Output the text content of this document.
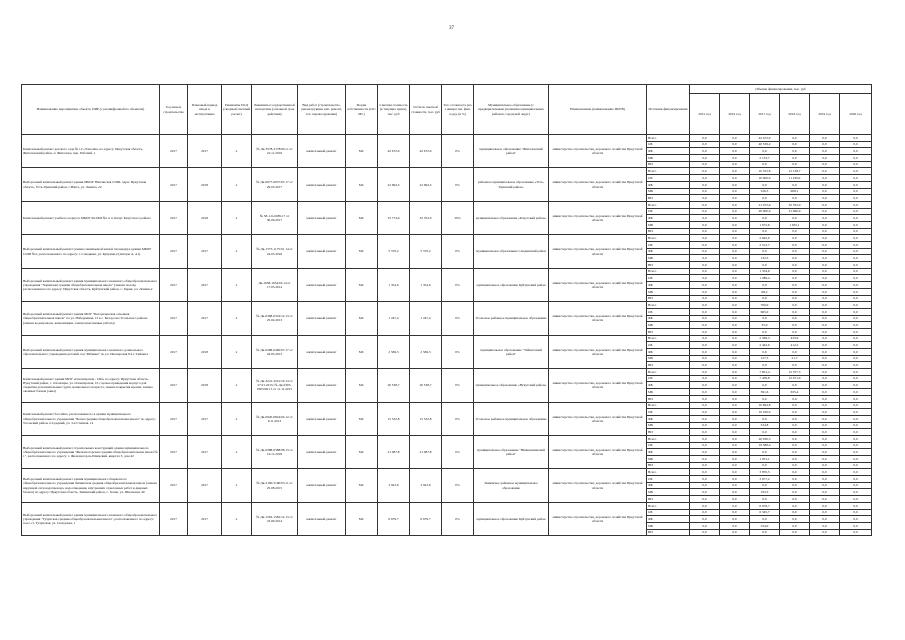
37
Наименование мероприятия, объекта, ПИР (с расшифровкой по объектам)	Год начала строительства	Плановый период ввода в эксплуатацию	Реквизиты ПСД (сводный сметный расчет)	Реквизиты государственной экспертизы (основной срок действия)	Вид работ (строительство, реконструкция, кап. ремонт, тех. перевооружение)	Форма собственности (ОС/МС)	Сметная стоимость (в текущих ценах), тыс. руб	Остаток сметной стоимости, тыс. руб	Тех. готовность (на 1 января тек. фин. года), (в %)	Муниципальное образование (с предварительным указанием муниципальных районов, городской округ)	Наименование (наименование ИОГВ)	Источник финансирования	Объемы финансирования, тыс. руб					
													2015 год	2016 год	2017 год	2018 год	2019 год	2020 год
Капитальный ремонт детского сада № 12 «Тополёк» по адресу: Иркутская область, Жигаловский район, п. Жигалово, пер. Рабочий, 1	2017	2017	х	№ Дк-3578-3178/09 от от 22.11.2016	капитальный ремонт	МС	42 672,9	42 672,9	0%	муниципальное образование "Жигаловский район"	министерство строительства, дорожного хозяйства Иркутской области	Всего	0,0	0,0	42 672,9	0,0	0,0	0,0
												ОБ	0,0	0,0	40 539,2	0,0	0,0	0,0
												ФБ	0,0	0,0	0,0	0,0	0,0	0,0
												МБ	0,0	0,0	2 133,7	0,0	0,0	0,0
												ВИ	0,0	0,0	0,0	0,0	0,0	0,0
Выборочный капитальный ремонт здания МКОУ Юнгинская СОШ, адрес Иркутская область, Усть-Удинский район, с.Юнга, ул. Ленина, 22	2017	2018	х	№ Дк-0677-0037/03 17 от 29.03.2017	капитальный ремонт	МС	22 694,5	22 694,5	0%	районное муниципальное образование «Усть-Удинский район»	министерство строительства, дорожного хозяйства Иркутской области	Всего	0,0	0,0	10 555,8	12 138,7	0,0	0,0
												ОБ	0,0	0,0	10 000,0	11 230,0	0,0	0,0
												ФБ	0,0	0,0	0,0	0,0	0,0	0,0
												МБ	0,0	0,0	526,3	908,1	0,0	0,0
												ВИ	0,0	0,0	0,0	0,0	0,0	0,0
Капитальный ремонт учебного корпуса МКОУ КСОШ №1 в п. Качуг Качугского района	2017	2018	х	№ 38-1-6-0188-17 от 30.06.2017	капитальный ремонт	МС	53 774,6	32 702,0	39%	муниципальное образование «Качугский район»	министерство строительства, дорожного хозяйства Иркутской области	Всего	0,0	0,0	21 072,6	32 702,0	0,0	0,0
												ОБ	0,0	0,0	20 000,0	31 066,9	0,0	0,0
												ФБ	0,0	0,0	0,0	0,0	0,0	0,0
												МБ	0,0	0,0	1 072,6	1 635,1	0,0	0,0
												ВИ	0,0	0,0	0,0	0,0	0,0	0,0
Выборочный капитальный ремонт (замена занимаемой жилой площади) в здании МБОУ СОШ №2, расположенного по адресу: г. Слюдянка, ул. Куприна,2 (литеры А, А1)	2017	2017	х	№ Дк-1575-1175/01 14 от 24.05.2016	капитальный ремонт	МС	5 570,2	5 570,2	0%	муниципальное образование Слюдянский район	министерство строительства, дорожного хозяйства Иркутской области	Всего	0,0	0,0	2 645,0	0,0	0,0	0,0
												ОБ	0,0	0,0	2 512,7	0,0	0,0	0,0
												ФБ	0,0	0,0	0,0	0,0	0,0	0,0
												МБ	0,0	0,0	132,3	0,0	0,0	0,0
												ВИ	0,0	0,0	0,0	0,0	0,0	0,0
Выборочный капитальный ремонт здания муниципального казенного общеобразовательного учреждения "Харикская средняя общеобразовательная школа" (замена полов), расположенного по адресу: Иркутская область, Куйтунский район, с. Харик, ул. Ленина,2	2017	2017	х	Дк-1638-1634/02.14 от 17.03.2014	капитальный ремонт	МС	1 354,6	1 354,6	0%	муниципальное образование Куйтунский район	министерство строительства, дорожного хозяйства Иркутской области	Всего	0,0	0,0	1 354,6	0,0	0,0	0,0
												ОБ	0,0	0,0	1 286,4	0,0	0,0	0,0
												ФБ	0,0	0,0	0,0	0,0	0,0	0,0
												МБ	0,0	0,0	68,2	0,0	0,0	0,0
												ВИ	0,0	0,0	0,0	0,0	0,0	0,0
Выборочный капитальный ремонт здания МОУ "Белореченская основная общеобразовательная школа" по ул. Набережная, 13 в с. Белоусово Усольского района (замена водопровода, канализации, электромонтажные работы)	2017	2017	х	№ Дк-0368-0319/12.13 от 25.02.2013	капитальный ремонт	МС	1 247,4	1 247,4	0%	Усольское районное муниципальное образование	министерство строительства, дорожного хозяйства Иркутской области	Всего	0,0	0,0	700,0	0,0	0,0	0,0
												ОБ	0,0	0,0	665,0	0,0	0,0	0,0
												ФБ	0,0	0,0	0,0	0,0	0,0	0,0
												МБ	0,0	0,0	35,0	0,0	0,0	0,0
												ВИ	0,0	0,0	0,0	0,0	0,0	0,0
Выборочный капитальный ремонт здания муниципального казенного дошкольного образовательного учреждения детский сад "Рябинка" по ул. Пионерская 8 в г. Тайшете	2017	2018	х	№ Дк-0468-0400/07.17 от 24.05.2013	капитальный ремонт	МС	2 569,3	2 569,3	0%	муниципальное образование "Тайшетский район"	министерство строительства, дорожного хозяйства Иркутской области	Всего	0,0	0,0	2 569,3	433,9	0,0	0,0
												ОБ	0,0	0,0	2 442,0	412,2	0,0	0,0
												ФБ	0,0	0,0	0,0	0,0	0,0	0,0
												МБ	0,0	0,0	127,3	21,7	0,0	0,0
												ВИ	0,0	0,0	0,0	0,0	0,0	0,0
Капитальный ремонт здания МОУ «Олонгирская - СШ» по адресу: Иркутская область, Нукутский район, с. Олонгиры, ул. Олонгирская, 10 с целью приведения корпуса для открытия дополнительных групп дошкольного возраста, замена покрытия кровли, замена оконных блоков (окна)	2017	2018	х	№ Дк-3241-3241/19.14 от 27.01.2015; № Дк-0305-0305/06.15 от 11.11.2015	капитальный ремонт	МС	20 538,7	20 538,7	0%	муниципальное образование «Нукутский район»	министерство строительства, дорожного хозяйства Иркутской области	Всего	0,0	0,0	7 831,4	12 707,3	0,0	0,0
												ОБ	0,0	0,0	7 439,8	12 071,9	0,0	0,0
												ФБ	0,0	0,0	0,0	0,0	0,0	0,0
												МБ	0,0	0,0	391,6	635,4	0,0	0,0
												ВИ	0,0	0,0	0,0	0,0	0,0	0,0
Капитальный ремонт бассейна, расположенного в здании муниципального общеобразовательного учреждения "Белая средняя общеобразовательная школа" по адресу: Усольский район, п.Средний, ул. 3-я Степная, 14	2017	2017	х	№ Дк-0920-0824/04.12 от 6.11.2013	капитальный ремонт	МС	15 522,8	15 522,8	0%	Усольское районное муниципальное образование	министерство строительства, дорожного хозяйства Иркутской области	Всего	0,0	0,0	10 694,8	0,0	0,0	0,0
												ОБ	0,0	0,0	10 160,0	0,0	0,0	0,0
												ФБ	0,0	0,0	0,0	0,0	0,0	0,0
												МБ	0,0	0,0	534,8	0,0	0,0	0,0
												ВИ	0,0	0,0	0,0	0,0	0,0	0,0
Выборочный капитальный ремонт строительных конструкций здания муниципального общеобразовательного учреждения "Железногорская средняя общеобразовательная школа № 1", расположенного по адресу: г. Железногорск-Илимский, квартал 3, дом 42	2017	2017	х	№ Дк-0388-0388/08.13 от 19.11.2018	капитальный ремонт	МС	21 087,8	21 087,8	0%	муниципальное образование "Нижнеилимский район"	министерство строительства, дорожного хозяйства Иркутской области	Всего	0,0	0,0	20 030,3	0,0	0,0	0,0
												ОБ	0,0	0,0	19 588,4	0,0	0,0	0,0
												ФБ	0,0	0,0	0,0	0,0	0,0	0,0
												МБ	0,0	0,0	1 031,1	0,0	0,0	0,0
												ВИ	0,0	0,0	0,0	0,0	0,0	0,0
Выборочный капитальный ремонт здания муниципального бюджетного общеобразовательного учреждения Химинская средняя общеобразовательная школа (замена наружной сети водопровода, водоотведения, внутренних отделочных работ и дверных блоков) по адресу: Иркутская область, Зиминский район, с. Хазан, ул. Школьная, 40	2017	2017	х	№ Дк-3160-3160/03.11 от 25.08.2015	капитальный ремонт	МС	3 943,6	3 943,6	0%	Зиминское районное муниципальное образование	министерство строительства, дорожного хозяйства Иркутской области	Всего	0,0	0,0	3 870,5	0,0	0,0	0,0
												ОБ	0,0	0,0	3 677,2	0,0	0,0	0,0
												ФБ	0,0	0,0	0,0	0,0	0,0	0,0
												МБ	0,0	0,0	193,3	0,0	0,0	0,0
												ВИ	0,0	0,0	0,0	0,0	0,0	0,0
Выборочный капитальный ремонт здания муниципального казенного общеобразовательного учреждения "Тулунская средняя общеобразовательная школа", расположенного по адресу: п.м.с.ст. Тулунская, ул. Складская, 1	2017	2017	х	№ Дк-1592-1582/12.13 от 23.09.2014	капитальный ремонт	МС	6 679,7	6 679,7	0%	муниципальное образование Куйтунский район	министерство строительства, дорожного хозяйства Иркутской области	Всего	0,0	0,0	6 679,7	0,0	0,0	0,0
												ОБ	0,0	0,0	6 345,7	0,0	0,0	0,0
												ФБ	0,0	0,0	0,0	0,0	0,0	0,0
												МБ	0,0	0,0	334,0	0,0	0,0	0,0
												ВИ	0,0	0,0	0,0	0,0	0,0	0,0
